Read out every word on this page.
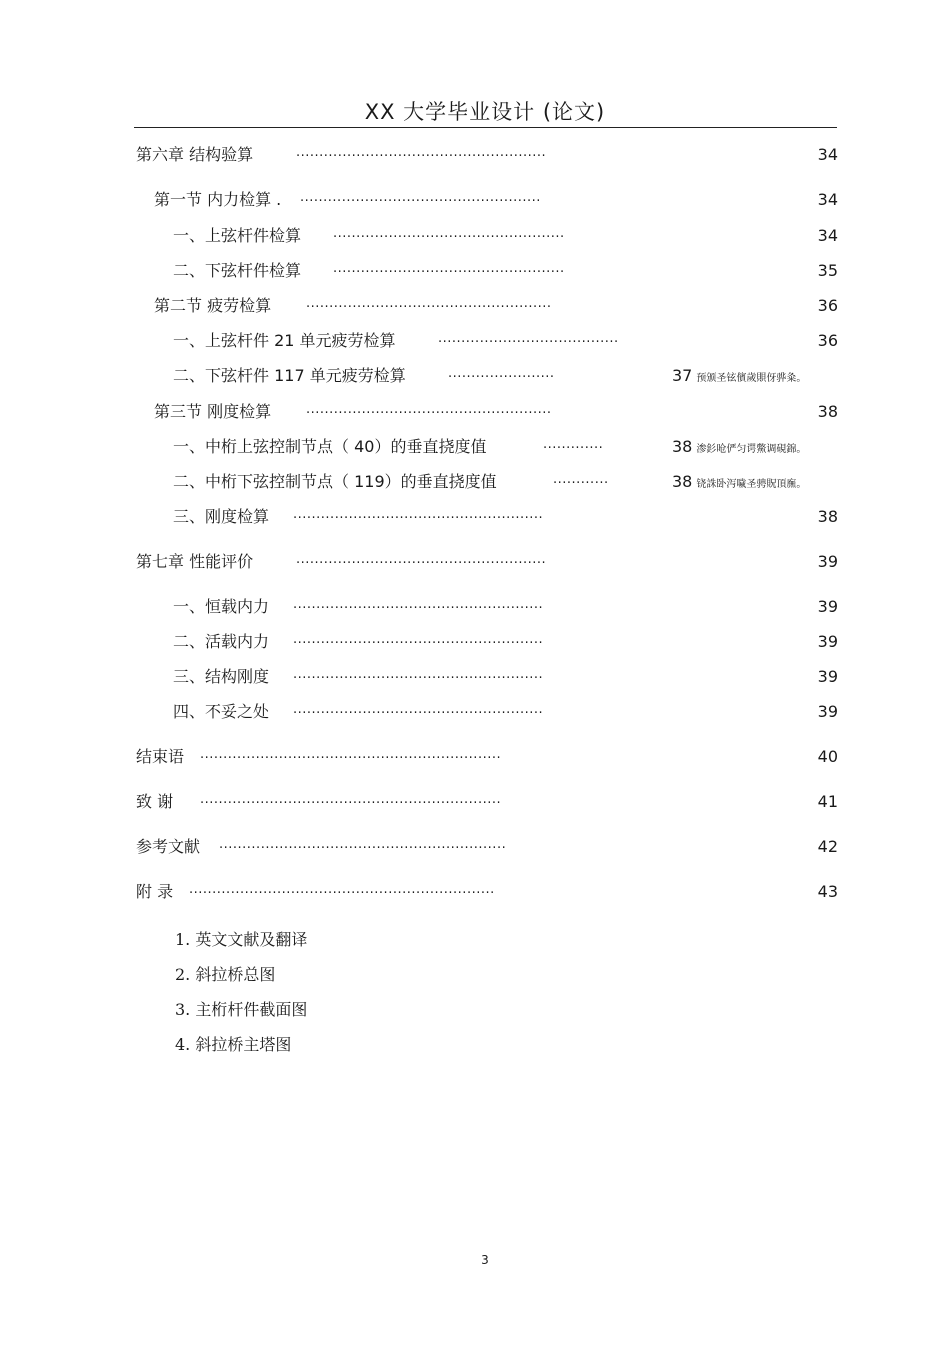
XX 大学毕业设计 (论文)
第六章 结构验算	......................................................	34
第一节 内力检算 . ....................................................	34
一、上弦杆件检算 ..................................................	34
二、下弦杆件检算 ..................................................	35
第二节 疲劳检算	.....................................................	36
一、上弦杆件 21 单元疲劳检算	.......................................	36
二、下弦杆件 117 单元疲劳检算	.......................	37 预颁圣铉儐歲賏伢骅粂。
第三节 刚度检算	.....................................................	38
一、中桁上弦控制节点（ 40）的垂直挠度值	.............	38 渗釤呛俨匀谔鱉调硯錦。
二、中桁下弦控制节点（ 119）的垂直挠度值	............	38 铙誅卧泻噦圣骋貺頂廡。
三、刚度检算 ......................................................	38
第七章 性能评价	......................................................	39
一、恒载内力 ......................................................	39
二、活载内力 ......................................................	39
三、结构刚度 ......................................................	39
四、不妥之处 ......................................................	39
结束语 .................................................................	40
致 谢 .................................................................	41
参考文献 ..............................................................	42
附 录 ..................................................................	43
1. 英文文献及翻译
2. 斜拉桥总图
3. 主桁杆件截面图
4. 斜拉桥主塔图
3
